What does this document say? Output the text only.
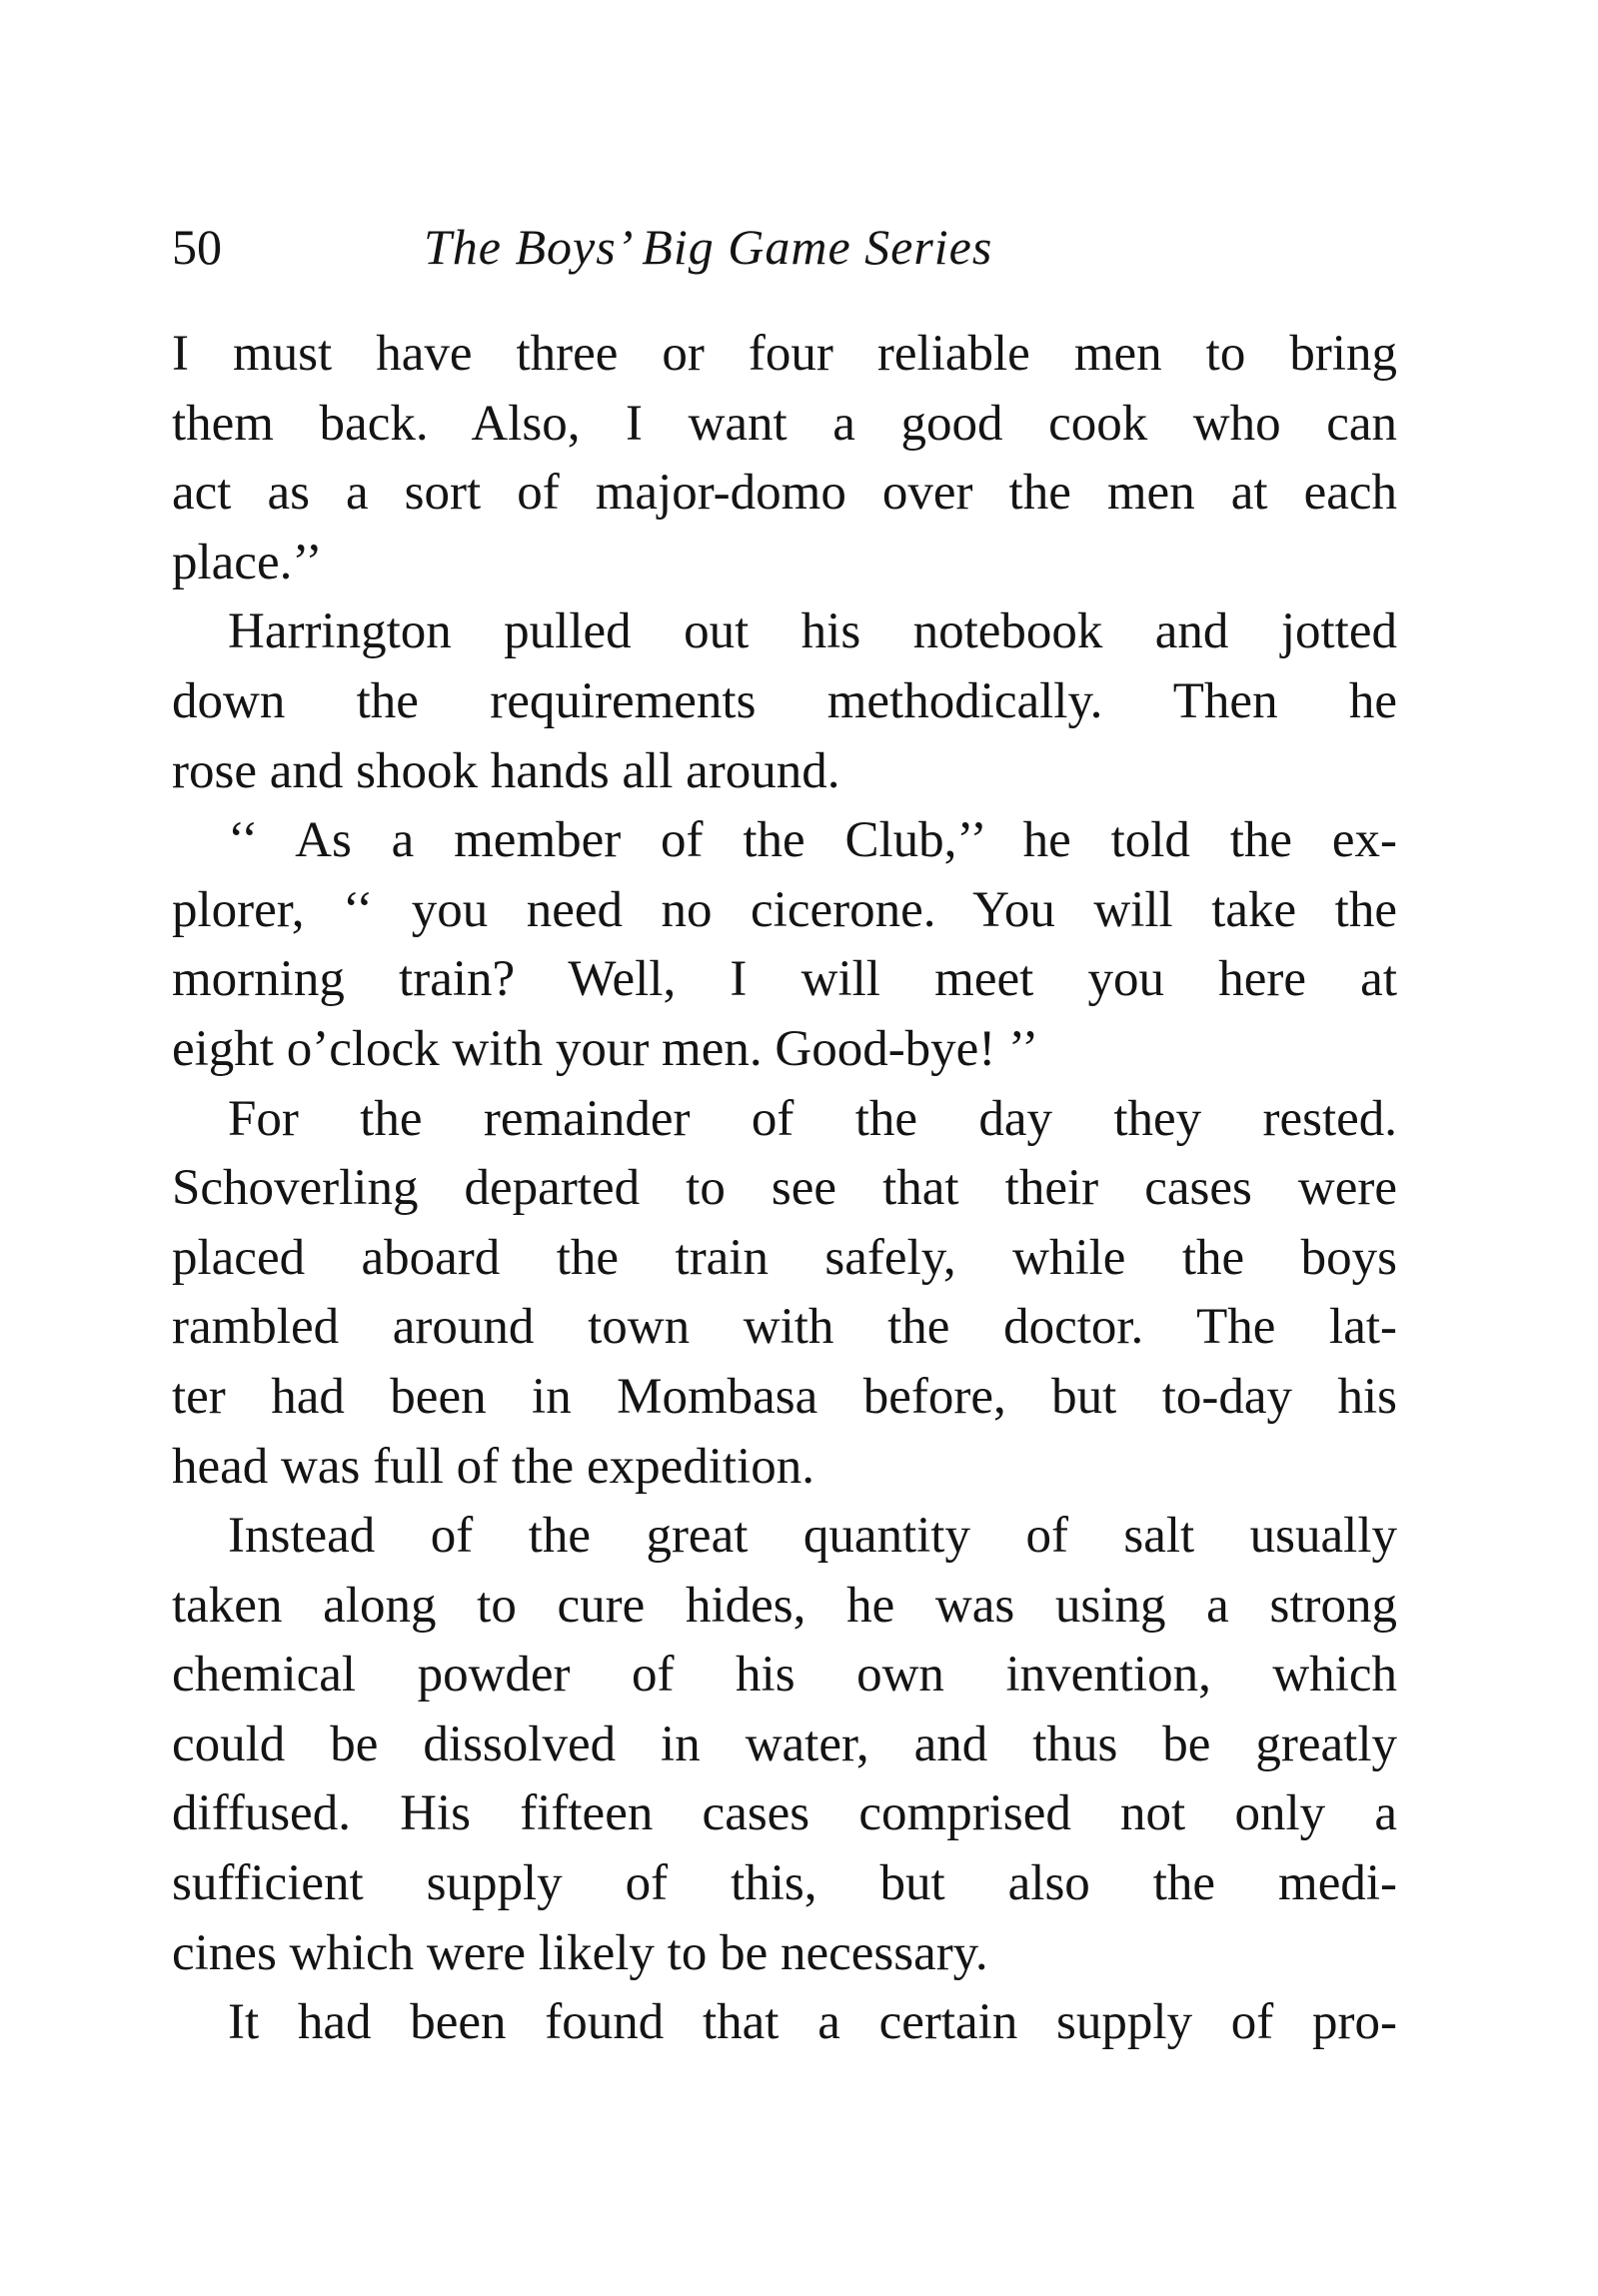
50	The Boys’ Big Game Series
I must have three or four reliable men to bring
them back. Also, I want a good cook who can
act as a sort of major-domo over the men at each
place.’’
Harrington pulled out his notebook and jotted
down the requirements methodically. Then he
rose and shook hands all around.
‘‘ As a member of the Club,’’ he told the ex-
plorer, ‘‘ you need no cicerone. You will take the
morning train? Well, I will meet you here at
eight o’clock with your men. Good-bye! ’’
For the remainder of the day they rested.
Schoverling departed to see that their cases were
placed aboard the train safely, while the boys
rambled around town with the doctor. The lat-
ter had been in Mombasa before, but to-day his
head was full of the expedition.
Instead of the great quantity of salt usually
taken along to cure hides, he was using a strong
chemical powder of his own invention, which
could be dissolved in water, and thus be greatly
diffused. His fifteen cases comprised not only a
sufficient supply of this, but also the medi-
cines which were likely to be necessary.
It had been found that a certain supply of pro-
